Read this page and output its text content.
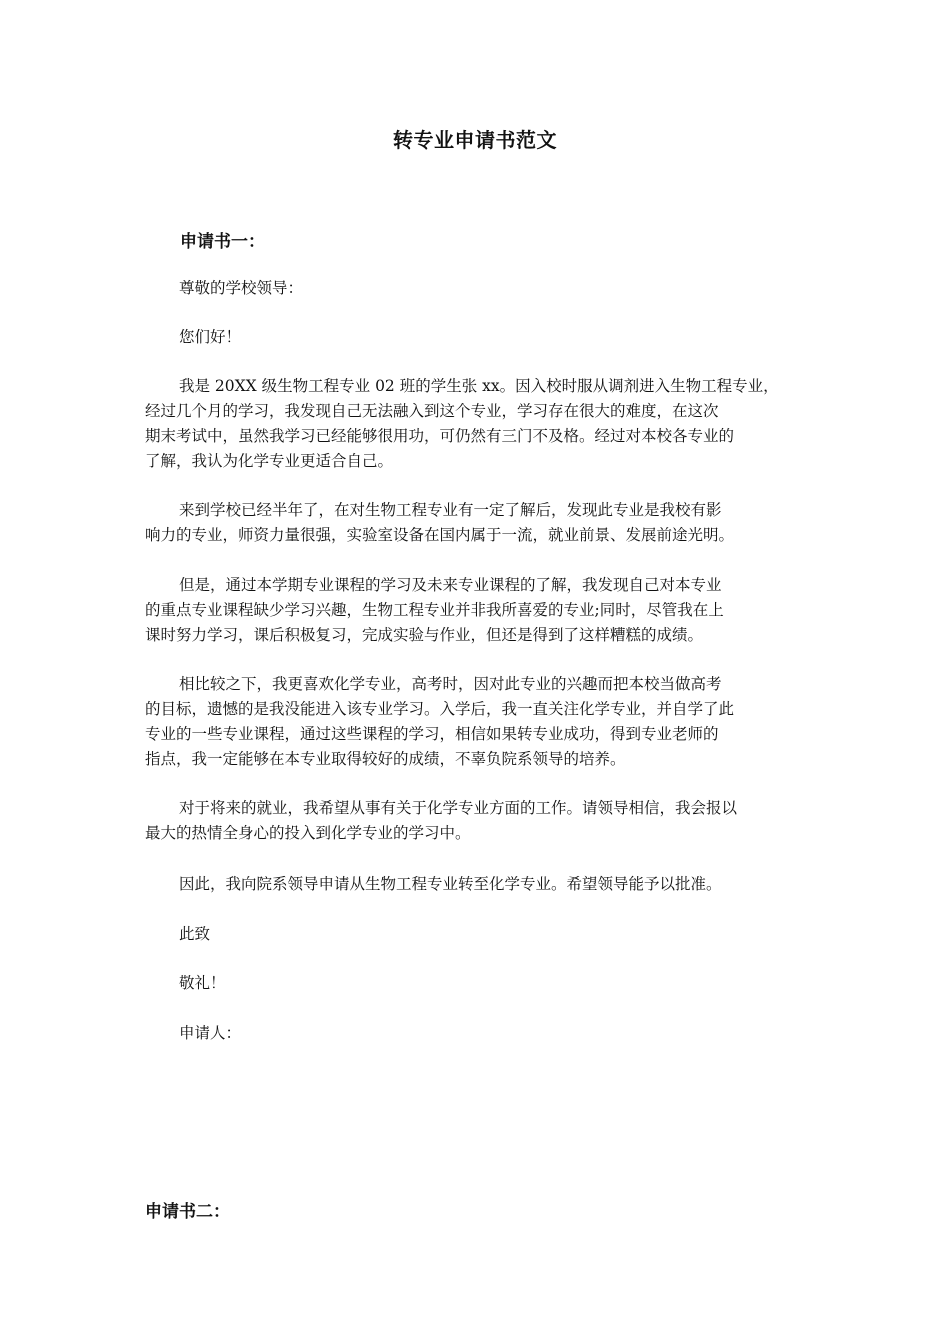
转专业申请书范文
申请书一：
尊敬的学校领导：
您们好！
我是 20XX 级生物工程专业 02 班的学生张 xx。因入校时服从调剂进入生物工程专业，
经过几个月的学习，我发现自己无法融入到这个专业，学习存在很大的难度，在这次
期末考试中，虽然我学习已经能够很用功，可仍然有三门不及格。经过对本校各专业的
了解，我认为化学专业更适合自己。
来到学校已经半年了，在对生物工程专业有一定了解后，发现此专业是我校有影
响力的专业，师资力量很强，实验室设备在国内属于一流，就业前景、发展前途光明。
但是，通过本学期专业课程的学习及未来专业课程的了解，我发现自己对本专业
的重点专业课程缺少学习兴趣，生物工程专业并非我所喜爱的专业;同时，尽管我在上
课时努力学习，课后积极复习，完成实验与作业，但还是得到了这样糟糕的成绩。
相比较之下，我更喜欢化学专业，高考时，因对此专业的兴趣而把本校当做高考
的目标，遗憾的是我没能进入该专业学习。入学后，我一直关注化学专业，并自学了此
专业的一些专业课程，通过这些课程的学习，相信如果转专业成功，得到专业老师的
指点，我一定能够在本专业取得较好的成绩，不辜负院系领导的培养。
对于将来的就业，我希望从事有关于化学专业方面的工作。请领导相信，我会报以
最大的热情全身心的投入到化学专业的学习中。
因此，我向院系领导申请从生物工程专业转至化学专业。希望领导能予以批准。
此致
敬礼！
申请人：
申请书二：
